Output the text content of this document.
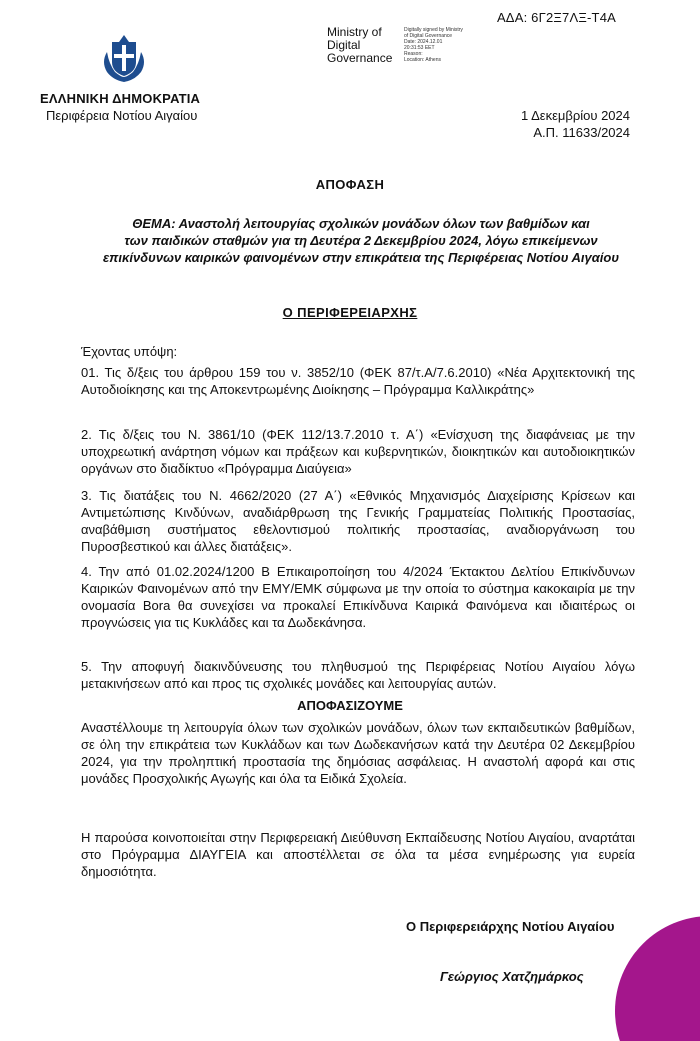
ΑΔΑ: 6Γ2Ξ7ΛΞ-Τ4Α
Ministry of
Digital
Governance
Digitally signed by Ministry
of Digital Governance
Date: 2024.12.01
20:31:53 EET
Reason:
Location: Athens
ΕΛΛΗΝΙΚΗ ΔΗΜΟΚΡΑΤΙΑ
Περιφέρεια Νοτίου Αιγαίου	1 Δεκεμβρίου 2024
Α.Π. 11633/2024
ΑΠΟΦΑΣΗ
ΘΕΜΑ: Αναστολή λειτουργίας σχολικών μονάδων όλων των βαθμίδων και
των παιδικών σταθμών για τη Δευτέρα 2 Δεκεμβρίου 2024, λόγω επικείμενων
επικίνδυνων καιρικών φαινομένων στην επικράτεια της Περιφέρειας Νοτίου Αιγαίου
Ο ΠΕΡΙΦΕΡΕΙΑΡΧΗΣ
Έχοντας υπόψη:
01. Τις δ/ξεις του άρθρου 159 του ν. 3852/10 (ΦΕΚ 87/τ.Α/7.6.2010) «Νέα Αρχιτεκτονική της Αυτοδιοίκησης και της Αποκεντρωμένης Διοίκησης – Πρόγραμμα Καλλικράτης»
2. Τις δ/ξεις του Ν. 3861/10 (ΦΕΚ 112/13.7.2010 τ. Α΄) «Ενίσχυση της διαφάνειας με την υποχρεωτική ανάρτηση νόμων και πράξεων και κυβερνητικών, διοικητικών και αυτοδιοικητικών οργάνων στο διαδίκτυο «Πρόγραμμα Διαύγεια»
3. Τις διατάξεις του Ν. 4662/2020 (27 Α΄) «Εθνικός Μηχανισμός Διαχείρισης Κρίσεων και Αντιμετώπισης Κινδύνων, αναδιάρθρωση της Γενικής Γραμματείας Πολιτικής Προστασίας, αναβάθμιση συστήματος εθελοντισμού πολιτικής προστασίας, αναδιοργάνωση του Πυροσβεστικού και άλλες διατάξεις».
4. Την από 01.02.2024/1200 Β Επικαιροποίηση του 4/2024 Έκτακτου Δελτίου Επικίνδυνων Καιρικών Φαινομένων από την ΕΜΥ/ΕΜΚ σύμφωνα με την οποία το σύστημα κακοκαιρία με την ονομασία Bora θα συνεχίσει να προκαλεί Επικίνδυνα Καιρικά Φαινόμενα και ιδιαιτέρως οι προγνώσεις για τις Κυκλάδες και τα Δωδεκάνησα.
5. Την αποφυγή διακινδύνευσης του πληθυσμού της Περιφέρειας Νοτίου Αιγαίου λόγω μετακινήσεων από και προς τις σχολικές μονάδες και λειτουργίας αυτών.
ΑΠΟΦΑΣΙΖΟΥΜΕ
Αναστέλλουμε τη λειτουργία όλων των σχολικών μονάδων, όλων των εκπαιδευτικών βαθμίδων, σε όλη την επικράτεια των Κυκλάδων και των Δωδεκανήσων κατά την Δευτέρα 02 Δεκεμβρίου 2024, για την προληπτική προστασία της δημόσιας ασφάλειας. Η αναστολή αφορά και στις μονάδες Προσχολικής Αγωγής και όλα τα Ειδικά Σχολεία.
Η παρούσα κοινοποιείται στην Περιφερειακή Διεύθυνση Εκπαίδευσης Νοτίου Αιγαίου, αναρτάται στο Πρόγραμμα ΔΙΑΥΓΕΙΑ και αποστέλλεται σε όλα τα μέσα ενημέρωσης για ευρεία δημοσιότητα.
Ο Περιφερειάρχης Νοτίου Αιγαίου
Γεώργιος Χατζημάρκος
